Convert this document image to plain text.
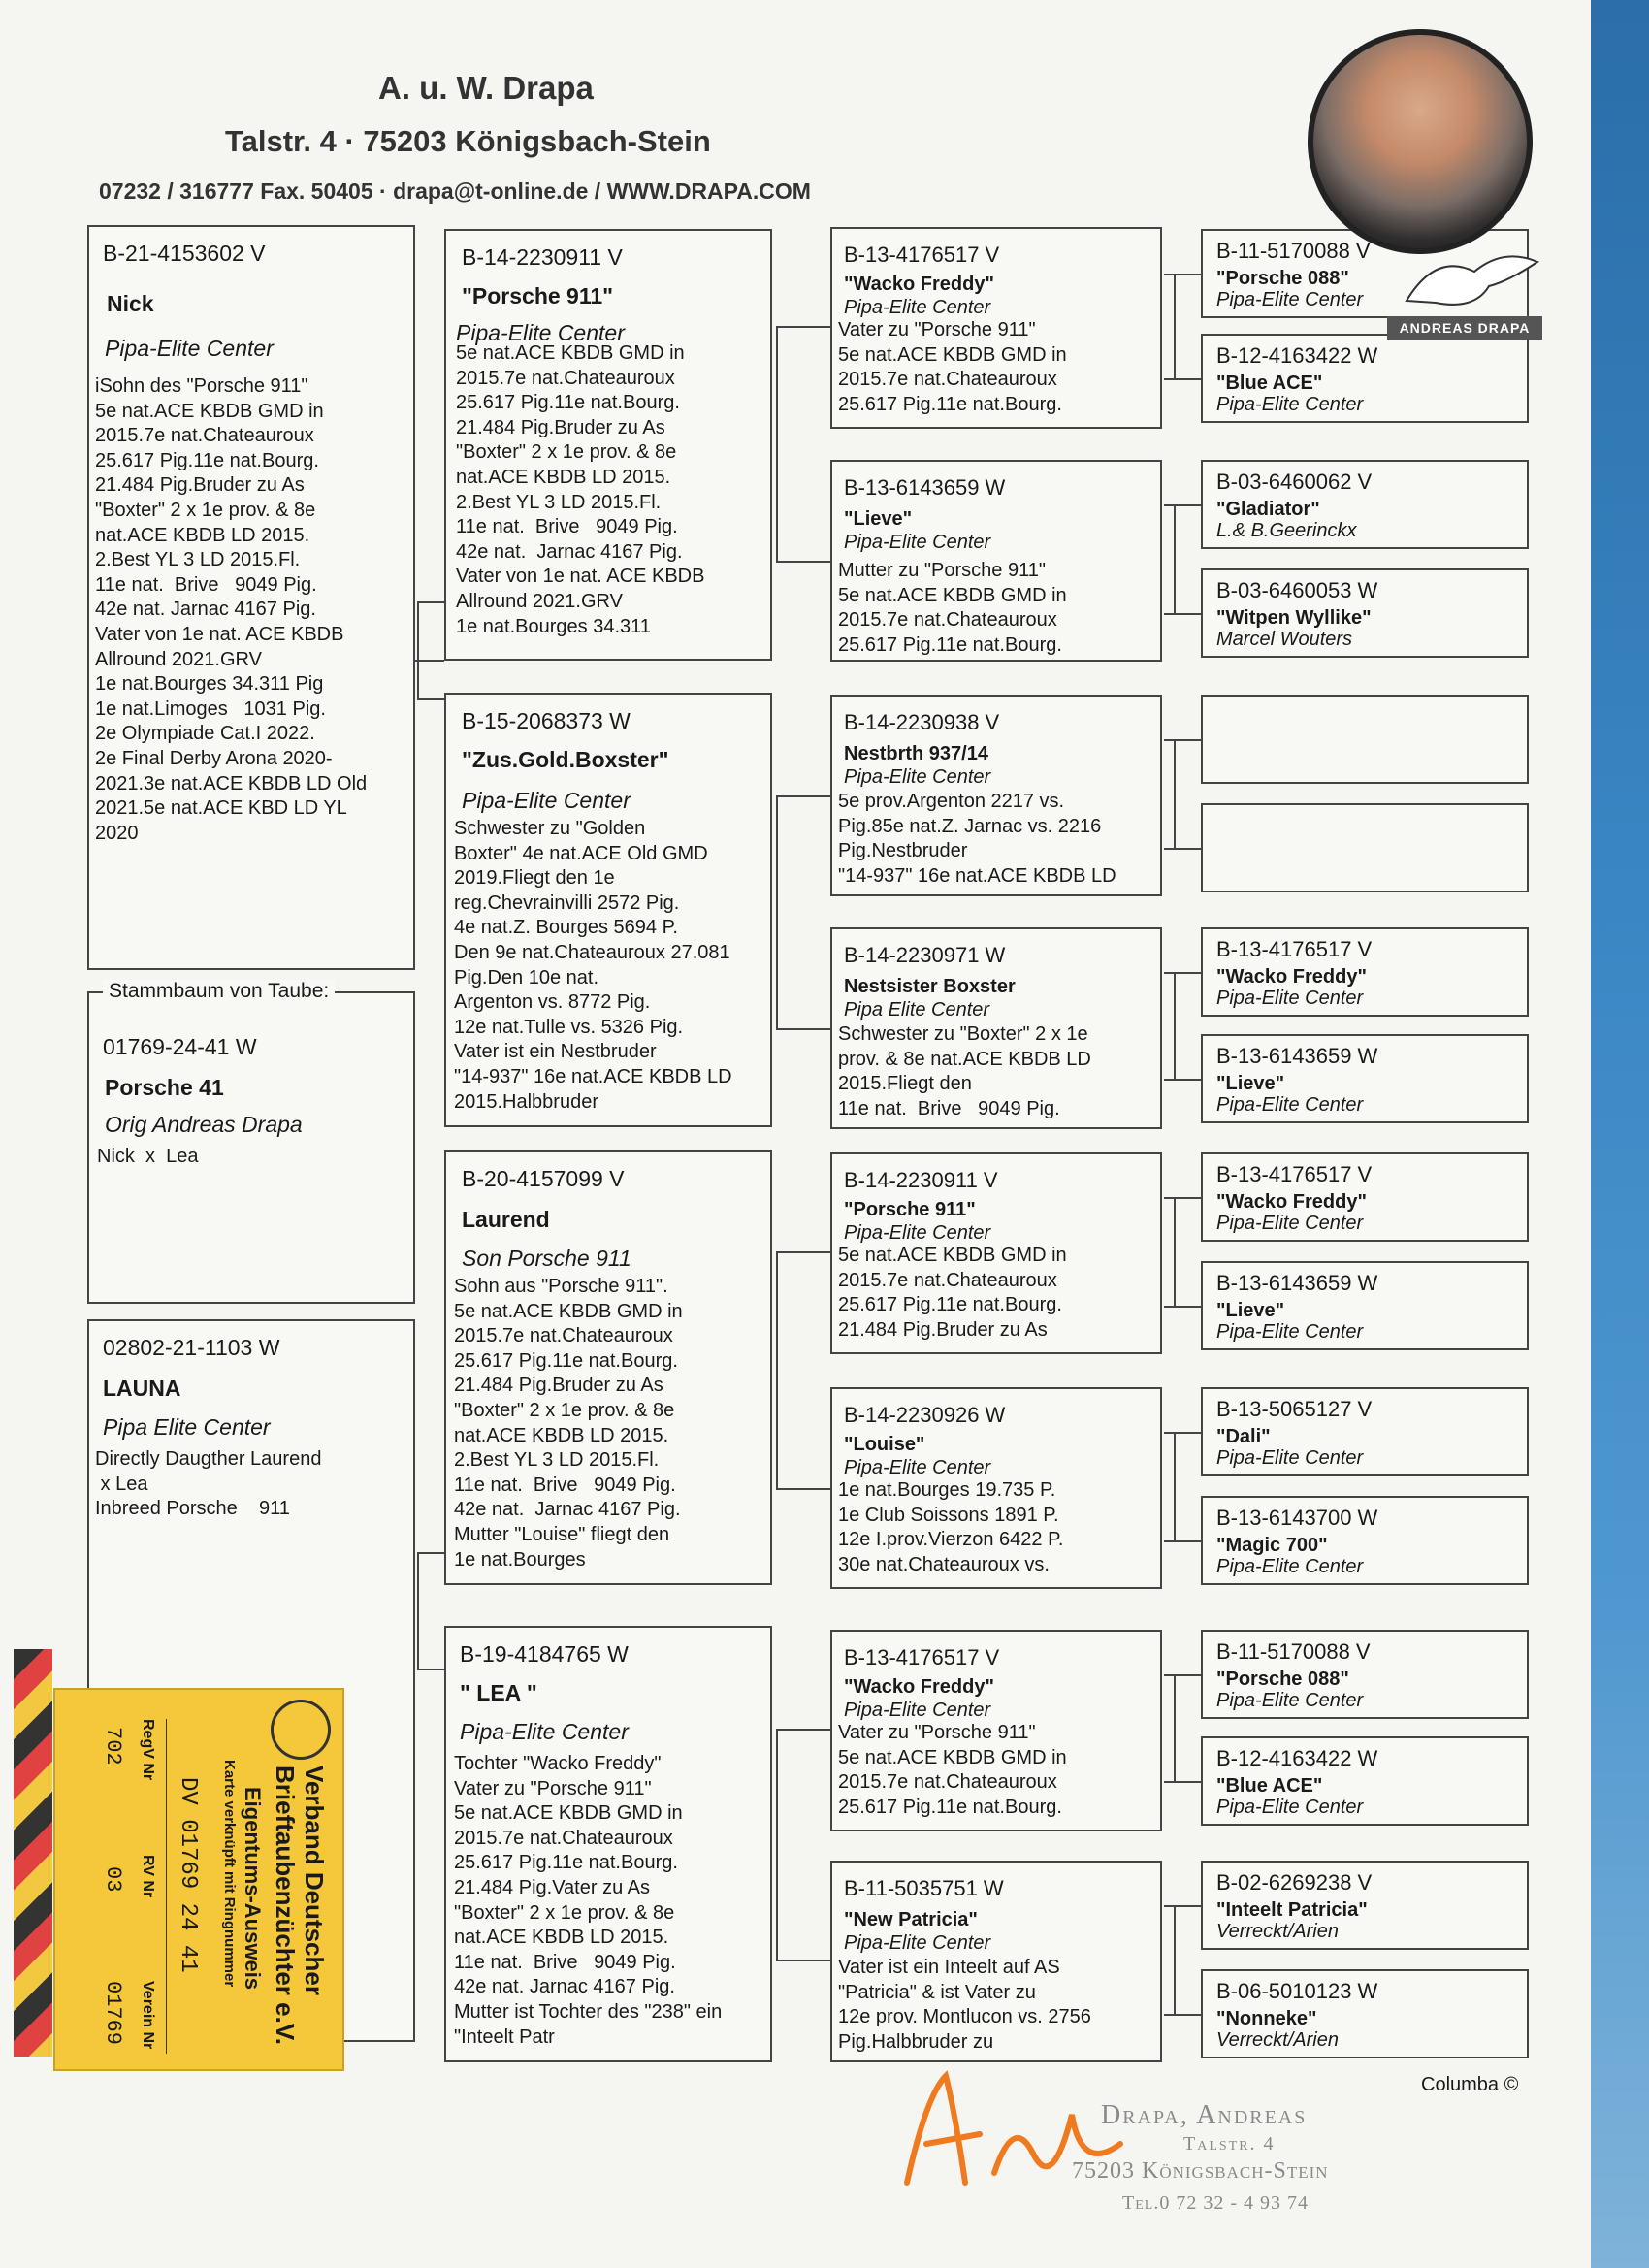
A. u. W. Drapa
Talstr. 4 · 75203 Königsbach-Stein
07232 / 316777 Fax. 50405 · drapa@t-online.de / WWW.DRAPA.COM
B-21-4153602 V
Nick
Pipa-Elite Center
iSohn des "Porsche 911"
5e nat.ACE KBDB GMD in
2015.7e nat.Chateauroux
25.617 Pig.11e nat.Bourg.
21.484 Pig.Bruder zu As
"Boxter" 2 x 1e prov. & 8e
nat.ACE KBDB LD 2015.
2.Best YL 3 LD 2015.Fl.
11e nat.  Brive   9049 Pig.
42e nat. Jarnac 4167 Pig.
Vater von 1e nat. ACE KBDB
Allround 2021.GRV
1e nat.Bourges 34.311 Pig
1e nat.Limoges   1031 Pig.
2e Olympiade Cat.I 2022.
2e Final Derby Arona 2020-
2021.3e nat.ACE KBDB LD Old
2021.5e nat.ACE KBD LD YL
2020
Stammbaum von Taube:
01769-24-41 W
Porsche 41
Orig Andreas Drapa
Nick  x  Lea
02802-21-1103 W
LAUNA
Pipa Elite Center
Directly Daugther Laurend
x Lea
Inbreed Porsche    911
B-14-2230911 V
"Porsche 911"
Pipa-Elite Center
5e nat.ACE KBDB GMD in
2015.7e nat.Chateauroux
25.617 Pig.11e nat.Bourg.
21.484 Pig.Bruder zu As
"Boxter" 2 x 1e prov. & 8e
nat.ACE KBDB LD 2015.
2.Best YL 3 LD 2015.Fl.
11e nat.  Brive   9049 Pig.
42e nat.  Jarnac 4167 Pig.
Vater von 1e nat. ACE KBDB
Allround 2021.GRV
1e nat.Bourges 34.311
B-15-2068373 W
"Zus.Gold.Boxster"
Pipa-Elite Center
Schwester zu "Golden
Boxter" 4e nat.ACE Old GMD
2019.Fliegt den 1e
reg.Chevrainvilli 2572 Pig.
4e nat.Z. Bourges 5694 P.
Den 9e nat.Chateauroux 27.081
Pig.Den 10e nat.
Argenton vs. 8772 Pig.
12e nat.Tulle vs. 5326 Pig.
Vater ist ein Nestbruder
"14-937" 16e nat.ACE KBDB LD
2015.Halbbruder
B-20-4157099 V
Laurend
Son Porsche 911
Sohn aus "Porsche 911".
5e nat.ACE KBDB GMD in
2015.7e nat.Chateauroux
25.617 Pig.11e nat.Bourg.
21.484 Pig.Bruder zu As
"Boxter" 2 x 1e prov. & 8e
nat.ACE KBDB LD 2015.
2.Best YL 3 LD 2015.Fl.
11e nat.  Brive   9049 Pig.
42e nat.  Jarnac 4167 Pig.
Mutter "Louise" fliegt den
1e nat.Bourges
B-19-4184765 W
" LEA "
Pipa-Elite Center
Tochter "Wacko Freddy"
Vater zu "Porsche 911"
5e nat.ACE KBDB GMD in
2015.7e nat.Chateauroux
25.617 Pig.11e nat.Bourg.
21.484 Pig.Vater zu As
"Boxter" 2 x 1e prov. & 8e
nat.ACE KBDB LD 2015.
11e nat.  Brive   9049 Pig.
42e nat. Jarnac 4167 Pig.
Mutter ist Tochter des "238" ein
"Inteelt Patr
B-13-4176517 V
"Wacko Freddy"
Pipa-Elite Center
Vater zu "Porsche 911"
5e nat.ACE KBDB GMD in
2015.7e nat.Chateauroux
25.617 Pig.11e nat.Bourg.
B-13-6143659 W
"Lieve"
Pipa-Elite Center
Mutter zu "Porsche 911"
5e nat.ACE KBDB GMD in
2015.7e nat.Chateauroux
25.617 Pig.11e nat.Bourg.
B-14-2230938 V
Nestbrth 937/14
Pipa-Elite Center
5e prov.Argenton 2217 vs.
Pig.85e nat.Z. Jarnac vs. 2216
Pig.Nestbruder
"14-937" 16e nat.ACE KBDB LD
B-14-2230971 W
Nestsister Boxster
Pipa Elite Center
Schwester zu "Boxter" 2 x 1e
prov. & 8e nat.ACE KBDB LD
2015.Fliegt den
11e nat.  Brive   9049 Pig.
B-14-2230911 V
"Porsche 911"
Pipa-Elite Center
5e nat.ACE KBDB GMD in
2015.7e nat.Chateauroux
25.617 Pig.11e nat.Bourg.
21.484 Pig.Bruder zu As
B-14-2230926 W
"Louise"
Pipa-Elite Center
1e nat.Bourges 19.735 P.
1e Club Soissons 1891 P.
12e I.prov.Vierzon 6422 P.
30e nat.Chateauroux vs.
B-13-4176517 V
"Wacko Freddy"
Pipa-Elite Center
Vater zu "Porsche 911"
5e nat.ACE KBDB GMD in
2015.7e nat.Chateauroux
25.617 Pig.11e nat.Bourg.
B-11-5035751 W
"New Patricia"
Pipa-Elite Center
Vater ist ein Inteelt auf AS
"Patricia" & ist Vater zu
12e prov. Montlucon vs. 2756
Pig.Halbbruder zu
B-11-5170088 V
"Porsche 088"
Pipa-Elite Center
B-12-4163422 W
"Blue ACE"
Pipa-Elite Center
B-03-6460062 V
"Gladiator"
L.& B.Geerinckx
B-03-6460053 W
"Witpen Wyllike"
Marcel Wouters
B-13-4176517 V
"Wacko Freddy"
Pipa-Elite Center
B-13-6143659 W
"Lieve"
Pipa-Elite Center
B-13-4176517 V
"Wacko Freddy"
Pipa-Elite Center
B-13-6143659 W
"Lieve"
Pipa-Elite Center
B-13-5065127 V
"Dali"
Pipa-Elite Center
B-13-6143700 W
"Magic 700"
Pipa-Elite Center
B-11-5170088 V
"Porsche 088"
Pipa-Elite Center
B-12-4163422 W
"Blue ACE"
Pipa-Elite Center
B-02-6269238 V
"Inteelt Patricia"
Verreckt/Arien
B-06-5010123 W
"Nonneke"
Verreckt/Arien
ANDREAS DRAPA
Columba ©
Verband Deutscher
Brieftaubenzüchter e.V.
Eigentums-Ausweis
Karte verknüpft mit Ringnummer
DV 01769 24 41
RegV Nr
RV Nr
Verein Nr
702
03
01769
Drapa, Andreas
Talstr. 4
75203 Königsbach-Stein
Tel.0 72 32 - 4 93 74
